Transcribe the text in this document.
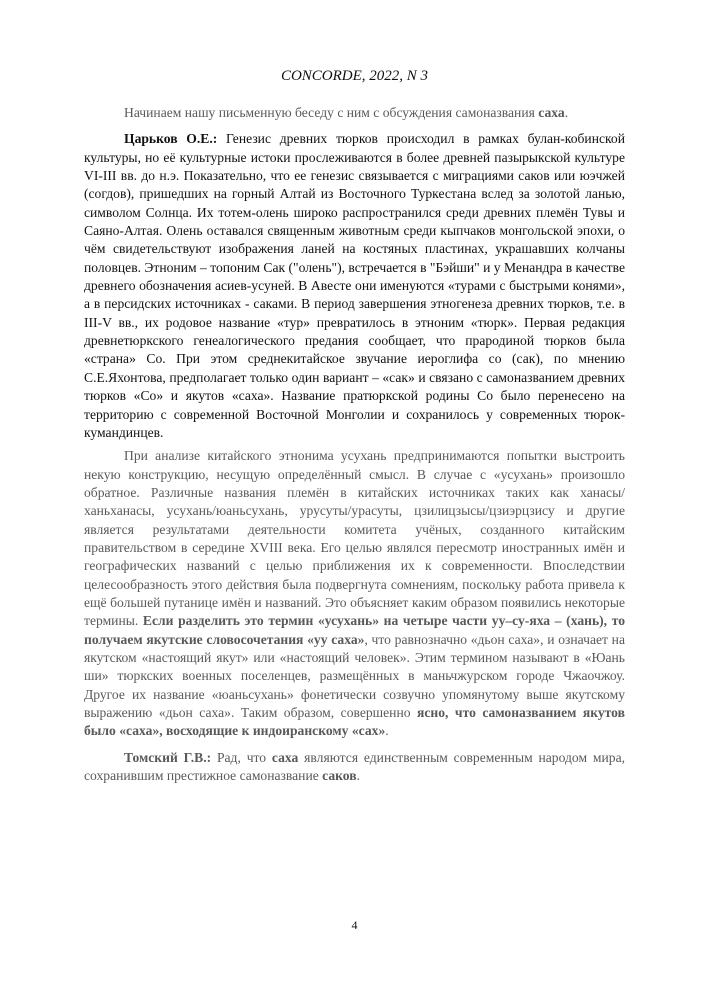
CONCORDE, 2022, N 3

Начинаем нашу письменную беседу с ним с обсуждения самоназвания саха.

Царьков О.Е.: Генезис древних тюрков происходил в рамках булан-кобинской культуры, но её культурные истоки прослеживаются в более древней пазырыкской культуре VI-III вв. до н.э. Показательно, что ее генезис связывается с миграциями саков или юэчжей (согдов), пришедших на горный Алтай из Восточного Туркестана вслед за золотой ланью, символом Солнца. Их тотем-олень широко распространился среди древних племён Тувы и Саяно-Алтая. Олень оставался священным животным среди кыпчаков монгольской эпохи, о чём свидетельствуют изображения ланей на костяных пластинах, украшавших колчаны половцев. Этноним – топоним Сак ("олень"), встречается в "Бэйши" и у Менандра в качестве древнего обозначения асиев-усуней. В Авесте они именуются «турами с быстрыми конями», а в персидских источниках - саками. В период завершения этногенеза древних тюрков, т.е. в III-V вв., их родовое название «тур» превратилось в этноним «тюрк». Первая редакция древнетюркского генеалогического предания сообщает, что прародиной тюрков была «страна» Со. При этом среднекитайское звучание иероглифа со (сак), по мнению С.Е.Яхонтова, предполагает только один вариант – «сак» и связано с самоназванием древних тюрков «Со» и якутов «саха». Название пратюркской родины Со было перенесено на территорию с современной Восточной Монголии и сохранилось у современных тюрок-кумандинцев.

При анализе китайского этнонима усухань предпринимаются попытки выстроить некую конструкцию, несущую определённый смысл. В случае с «усухань» произошло обратное. Различные названия племён в китайских источниках таких как ханасы/ханьханасы, усухань/юаньсухань, урусуты/урасуты, цзилицзысы/цзиэрцзису и другие является результатами деятельности комитета учёных, созданного китайским правительством в середине XVIII века. Его целью являлся пересмотр иностранных имён и географических названий с целью приближения их к современности. Впоследствии целесообразность этого действия была подвергнута сомнениям, поскольку работа привела к ещё большей путанице имён и названий. Это объясняет каким образом появились некоторые термины. Если разделить это термин «усухань» на четыре части уу–су-яха – (хань), то получаем якутские словосочетания «уу саха», что равнозначно «дьон саха», и означает на якутском «настоящий якут» или «настоящий человек». Этим термином называют в «Юань ши» тюркских военных поселенцев, размещённых в маньчжурском городе Чжаочжоу. Другое их название «юаньсухань» фонетически созвучно упомянутому выше якутскому выражению «дьон саха». Таким образом, совершенно ясно, что самоназванием якутов было «саха», восходящие к индоиранскому «сах».

Томский Г.В.: Рад, что саха являются единственным современным народом мира, сохранившим престижное самоназвание саков.

4
